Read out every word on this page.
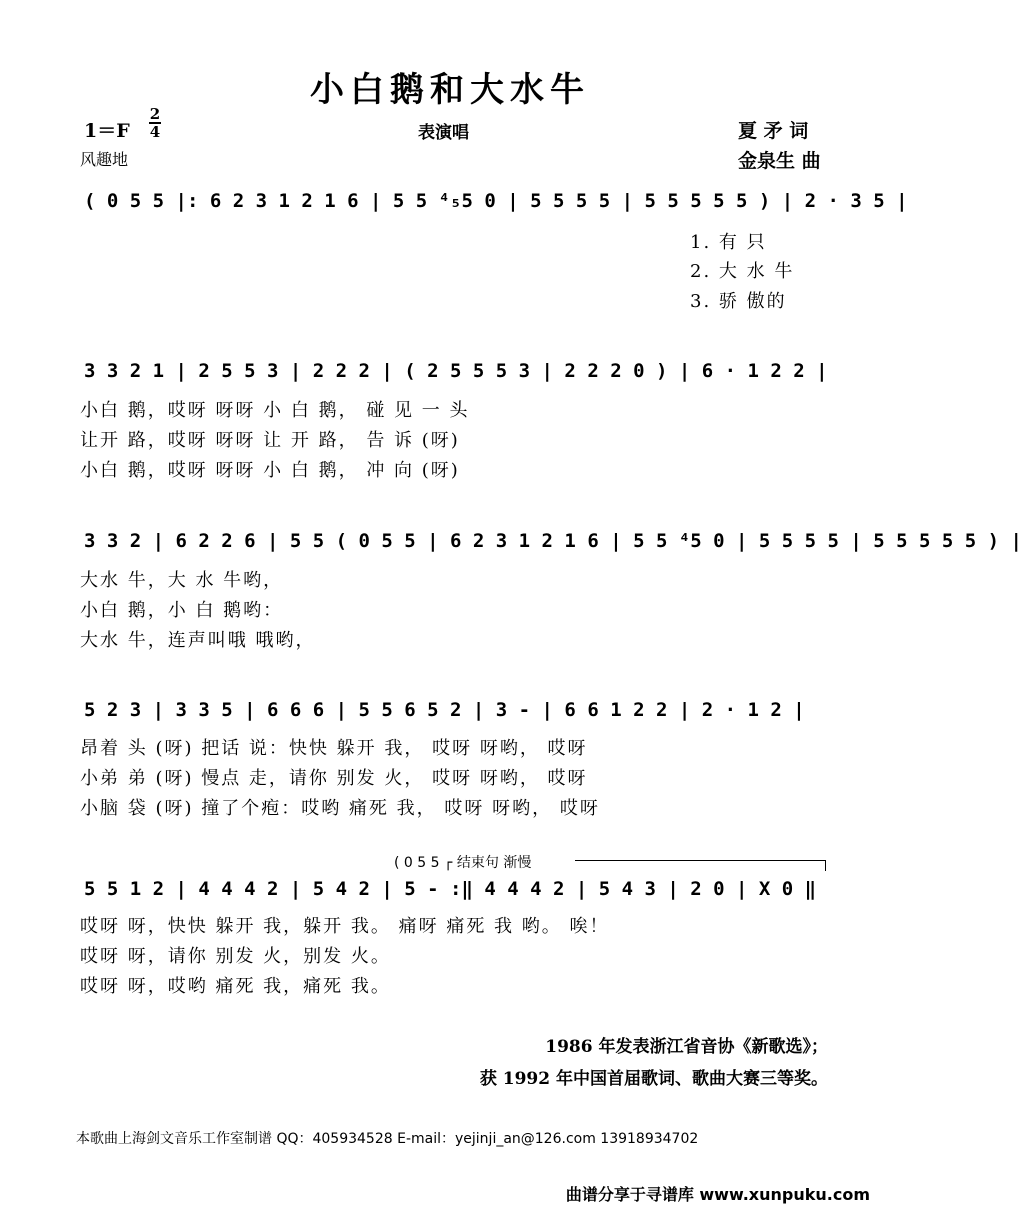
小白鹅和大水牛
1＝F
2
4	表演唱	夏 矛 词
风趣地	金泉生 曲
( 0 5 5 |: 6 2 3 1 2 1 6 | 5 5 ⁴₅5 0 | 5 5 5 5 | 5 5 5 5 5 ) | 2 · 3 5 |
1. 有 只
2. 大 水 牛
3. 骄 傲的
3 3 2 1 | 2 5 5 3 | 2 2 2 | ( 2 5 5 5 3 | 2 2 2 0 ) | 6 · 1 2 2 |
小白 鹅，哎呀 呀呀 小 白 鹅， 碰 见 一 头
让开 路，哎呀 呀呀 让 开 路， 告 诉 (呀)
小白 鹅，哎呀 呀呀 小 白 鹅， 冲 向 (呀)
3 3 2 | 6 2 2 6 | 5 5 ( 0 5 5 | 6 2 3 1 2 1 6 | 5 5 ⁴5 0 | 5 5 5 5 | 5 5 5 5 5 ) |
大水 牛，大 水 牛哟，
小白 鹅，小 白 鹅哟：
大水 牛，连声叫哦 哦哟，
5 2 3 | 3 3 5 | 6 6 6 | 5 5 6 5 2 | 3 - | 6 6 1 2 2 | 2 · 1 2 |
昂着 头 (呀) 把话 说：快快 躲开 我， 哎呀 呀哟， 哎呀
小弟 弟 (呀) 慢点 走，请你 别发 火， 哎呀 呀哟， 哎呀
小脑 袋 (呀) 撞了个疱：哎哟 痛死 我， 哎呀 呀哟， 哎呀
( 0 5 5 ┌ 结束句 渐慢
5 5 1 2 | 4 4 4 2 | 5 4 2 | 5 - :‖ 4 4 4 2 | 5 4 3 | 2 0 | X 0 ‖
哎呀 呀，快快 躲开 我，躲开 我。 痛呀 痛死 我 哟。 唉！
哎呀 呀，请你 别发 火，别发 火。
哎呀 呀，哎哟 痛死 我，痛死 我。
1986 年发表浙江省音协《新歌选》；
获 1992 年中国首届歌词、歌曲大赛三等奖。
本歌曲上海剑文音乐工作室制谱 QQ：405934528 E-mail：yejinji_an@126.com 13918934702
曲谱分享于寻谱库 www.xunpuku.com
